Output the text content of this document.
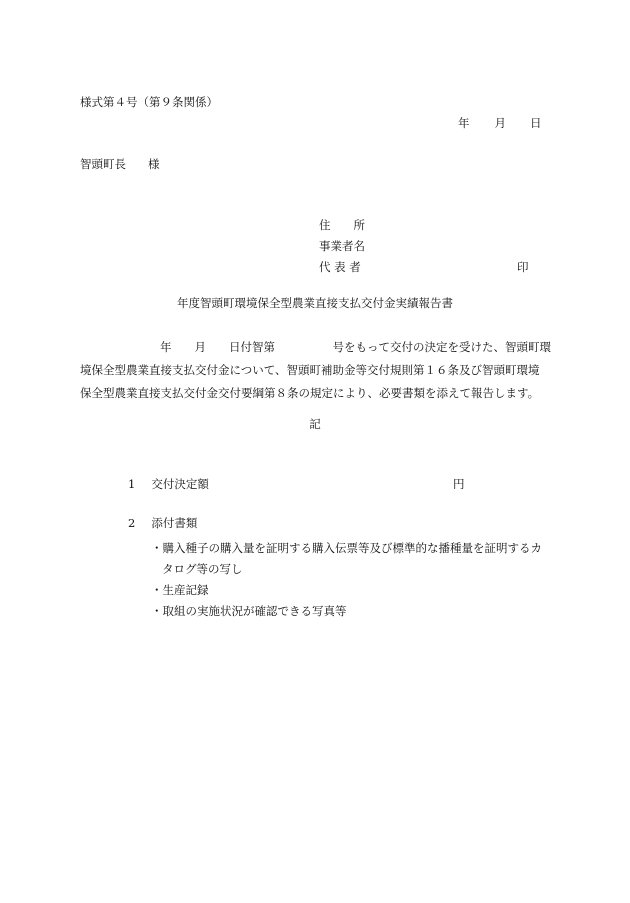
様式第４号（第９条関係）
年 月 日
智頭町長 様
住　　所
事業者名
代 表 者	印
年度智頭町環境保全型農業直接支払交付金実績報告書
年　　月　　日付智第　　　　　号をもって交付の決定を受けた、智頭町環
境保全型農業直接支払交付金について、智頭町補助金等交付規則第１６条及び智頭町環境
保全型農業直接支払交付金交付要綱第８条の規定により、必要書類を添えて報告します。
記
1 交付決定額	円
2 添付書類
・購入種子の購入量を証明する購入伝票等及び標準的な播種量を証明するカ
タログ等の写し
・生産記録
・取組の実施状況が確認できる写真等
